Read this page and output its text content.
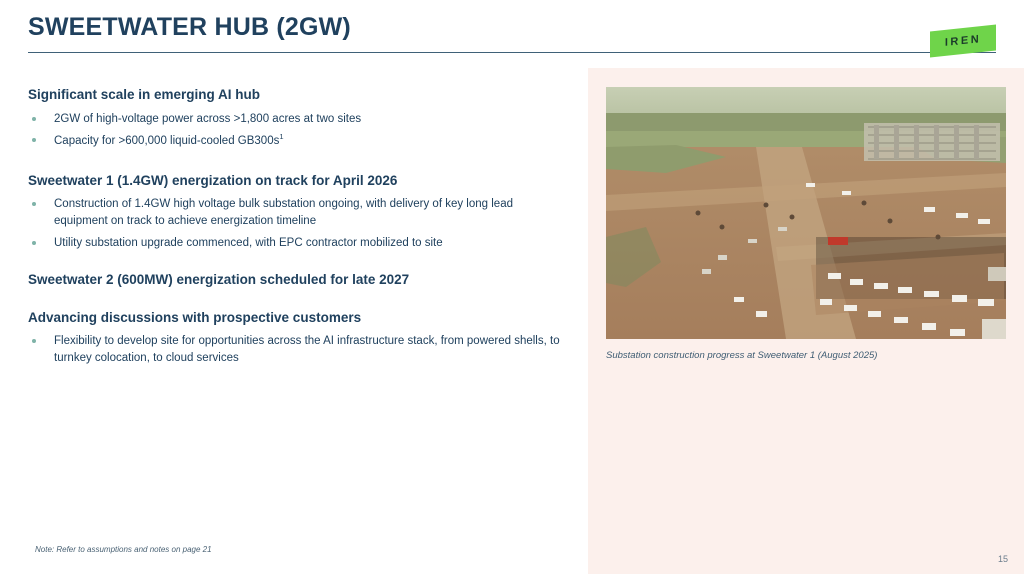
SWEETWATER HUB (2GW)	IREN
Substation construction progress at Sweetwater 1 (August 2025)
Significant scale in emerging AI hub
2GW of high-voltage power across >1,800 acres at two sites
Capacity for >600,000 liquid-cooled $GB300s^1$
Sweetwater 1 (1.4GW) energization on track for April 2026
Construction of 1.4GW high voltage bulk substation ongoing, with delivery of key long lead equipment on track to achieve energization timeline
Utility substation upgrade commenced, with EPC contractor mobilized to site
Sweetwater 2 (600MW) energization scheduled for late 2027
Advancing discussions with prospective customers
Flexibility to develop site for opportunities across the AI infrastructure stack, from powered shells, to turnkey colocation, to cloud services
Note: Refer to assumptions and notes on page 21
15
